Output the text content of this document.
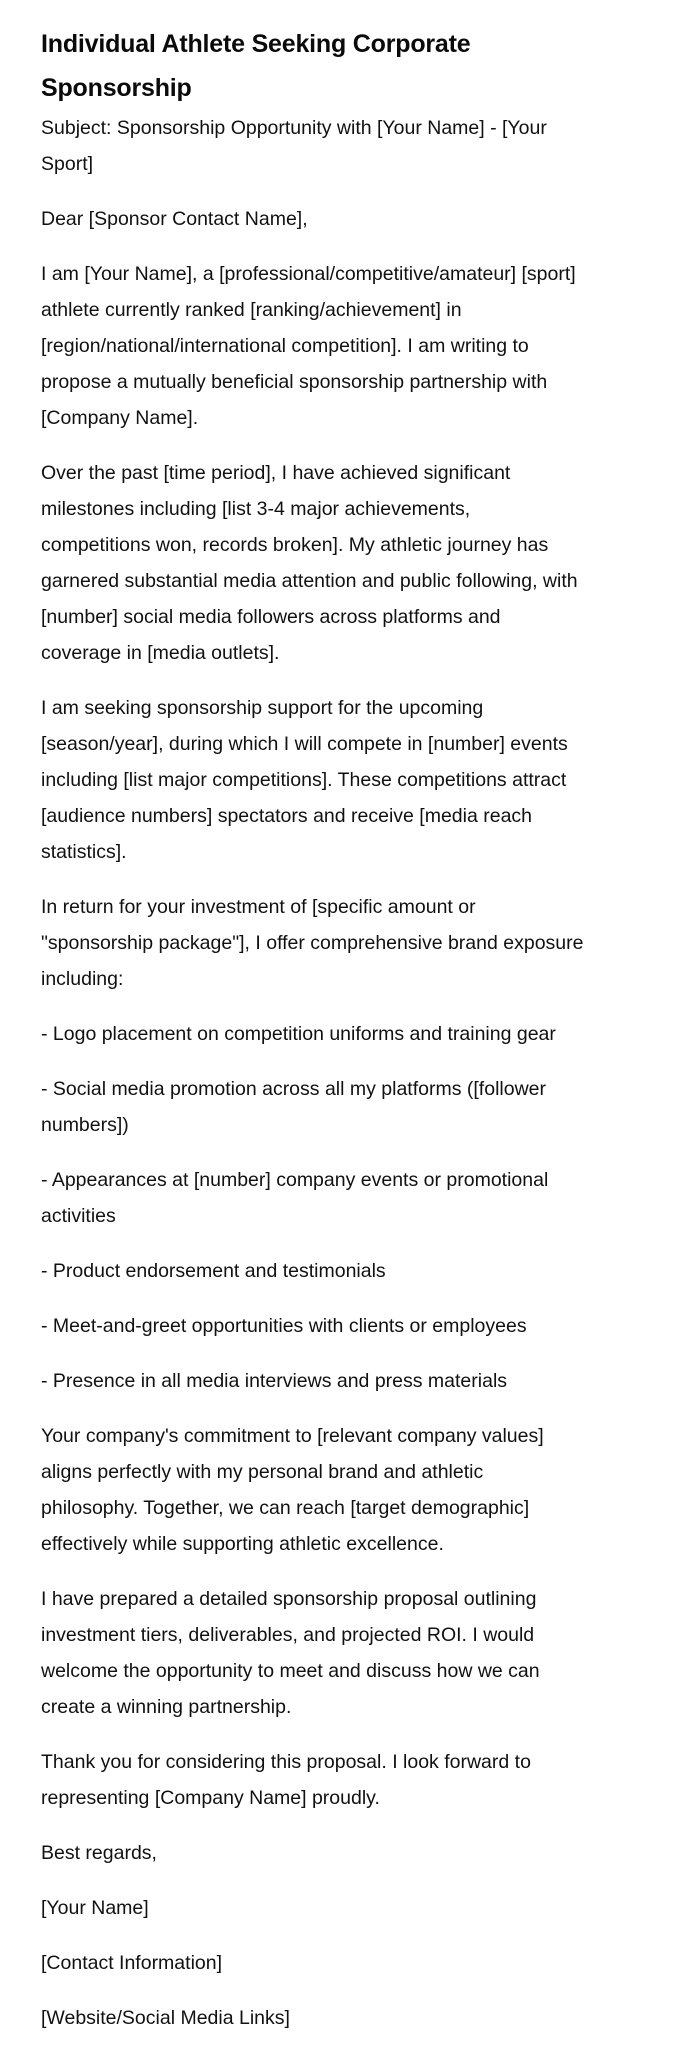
Individual Athlete Seeking Corporate
Sponsorship

Subject: Sponsorship Opportunity with [Your Name] - [Your
Sport]

Dear [Sponsor Contact Name],

I am [Your Name], a [professional/competitive/amateur] [sport]
athlete currently ranked [ranking/achievement] in
[region/national/international competition]. I am writing to
propose a mutually beneficial sponsorship partnership with
[Company Name].

Over the past [time period], I have achieved significant
milestones including [list 3-4 major achievements,
competitions won, records broken]. My athletic journey has
garnered substantial media attention and public following, with
[number] social media followers across platforms and
coverage in [media outlets].

I am seeking sponsorship support for the upcoming
[season/year], during which I will compete in [number] events
including [list major competitions]. These competitions attract
[audience numbers] spectators and receive [media reach
statistics].

In return for your investment of [specific amount or
"sponsorship package"], I offer comprehensive brand exposure
including:

- Logo placement on competition uniforms and training gear

- Social media promotion across all my platforms ([follower
numbers])

- Appearances at [number] company events or promotional
activities

- Product endorsement and testimonials

- Meet-and-greet opportunities with clients or employees

- Presence in all media interviews and press materials

Your company's commitment to [relevant company values]
aligns perfectly with my personal brand and athletic
philosophy. Together, we can reach [target demographic]
effectively while supporting athletic excellence.

I have prepared a detailed sponsorship proposal outlining
investment tiers, deliverables, and projected ROI. I would
welcome the opportunity to meet and discuss how we can
create a winning partnership.

Thank you for considering this proposal. I look forward to
representing [Company Name] proudly.

Best regards,

[Your Name]

[Contact Information]

[Website/Social Media Links]
